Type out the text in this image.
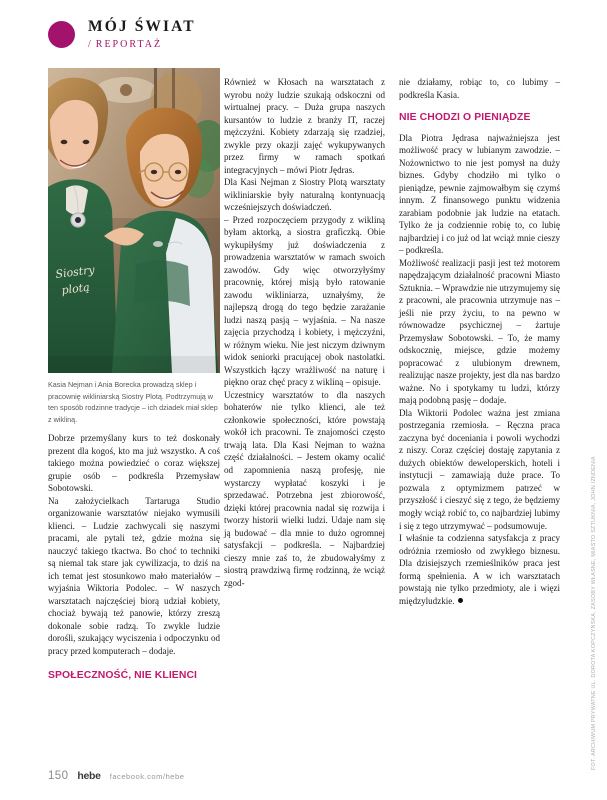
MÓJ ŚWIAT
/ REPORTAŻ
Siostry
plotą
Kasia Nejman i Ania Borecka prowadzą sklep i pracownię wikliniarską Siostry Plotą. Podtrzymują w ten sposób rodzinne tradycje – ich dziadek miał sklep z wikliną.

Dobrze przemyślany kurs to też doskonały prezent dla kogoś, kto ma już wszystko. A coś takiego można powiedzieć o coraz większej grupie osób – podkreśla Przemysław Sobotowski.

Na założycielkach Tartaruga Studio organizowanie warsztatów niejako wymusili klienci. – Ludzie zachwycali się naszymi pracami, ale pytali też, gdzie można się nauczyć takiego tkactwa. Bo choć to techniki są niemal tak stare jak cywilizacja, to dziś na ich temat jest stosunkowo mało materiałów – wyjaśnia Wiktoria Podolec. – W naszych warsztatach najczęściej biorą udział kobiety, chociaż bywają też panowie, którzy zreszą dokonale sobie radzą. To zwykle ludzie dorośli, szukający wyciszenia i odpoczynku od pracy przed komputerach – dodaje.

SPOŁECZNOŚĆ, NIE KLIENCI

Również w Kłosach na warsztatach z wyrobu noży ludzie szukają odskoczni od wirtualnej pracy. – Duża grupa naszych kursantów to ludzie z branży IT, raczej mężczyźni. Kobiety zdarzają się rzadziej, zwykle przy okazji zajęć wykupywanych przez firmy w ramach spotkań integracyjnych – mówi Piotr Jędras.

Dla Kasi Nejman z Siostry Plotą warsztaty wikliniarskie były naturalną kontynuacją wcześniejszych doświadczeń.

– Przed rozpoczęciem przygody z wikliną byłam aktorką, a siostra graficzką. Obie wykupiłyśmy już doświadczenia z prowadzenia warsztatów w ramach swoich zawodów. Gdy więc otworzyłyśmy pracownię, której misją było ratowanie zawodu wikliniarza, uznałyśmy, że najlepszą drogą do tego będzie zarażanie ludzi naszą pasją – wyjaśnia. – Na nasze zajęcia przychodzą i kobiety, i mężczyźni, w różnym wieku. Nie jest niczym dziwnym widok seniorki pracującej obok nastolatki. Wszystkich łączy wrażliwość na naturę i piękno oraz chęć pracy z wikliną – opisuje.

Uczestnicy warsztatów to dla naszych bohaterów nie tylko klienci, ale też członkowie społeczności, które powstają wokół ich pracowni. Te znajomości często trwają lata. Dla Kasi Nejman to ważna część działalności. – Jestem okamy ocalić od zapomnienia naszą profesję, nie wystarczy wypłatać koszyki i je sprzedawać. Potrzebna jest zbiorowość, dzięki której pracownia nadal się rozwija i tworzy historii wielki ludzi. Udaje nam się ją budować – dla mnie to dużo ogromnej satysfakcji – podkreśla. – Najbardziej cieszy mnie zaś to, że zbudowałyśmy z siostrą prawdziwą firmę rodzinną, że wciąż zgod-

nie działamy, robiąc to, co lubimy – podkreśla Kasia.

NIE CHODZI O PIENIĄDZE

Dla Piotra Jędrasa najważniejsza jest możliwość pracy w lubianym zawodzie. – Nożownictwo to nie jest pomysł na duży biznes. Gdyby chodziło mi tylko o pieniądze, pewnie zajmowałbym się czymś innym. Z finansowego punktu widzenia zarabiam podobnie jak ludzie na etatach. Tylko że ja codziennie robię to, co lubię najbardziej i co już od lat wciąż mnie cieszy – podkreśla.

Możliwość realizacji pasji jest też motorem napędzającym działalność pracowni Miasto Sztuknia. – Wprawdzie nie utrzymujemy się z pracowni, ale pracownia utrzymuje nas – jeśli nie przy życiu, to na pewno w równowadze psychicznej – żartuje Przemysław Sobotowski. – To, że mamy odskocznię, miejsce, gdzie możemy popracować z ulubionym drewnem, realizując nasze projekty, jest dla nas bardzo ważne. No i spotykamy tu ludzi, którzy mają podobną pasję – dodaje.

Dla Wiktorii Podolec ważna jest zmiana postrzegania rzemiosła. – Ręczna praca zaczyna być doceniania i powoli wychodzi z niszy. Coraz częściej dostaję zapytania z dużych obiektów deweloperskich, hoteli i instytucji – zamawiają duże prace. To pozwala z optymizmem patrzeć w przyszłość i cieszyć się z tego, że będziemy mogły wciąż robić to, co najbardziej lubimy i się z tego utrzymywać – podsumowuje.

I właśnie ta codzienna satysfakcja z pracy odróżnia rzemiosło od zwykłego biznesu. Dla dzisiejszych rzemieślników praca jest formą spełnienia. A w ich warsztatach powstają nie tylko przedmioty, ale i więzi międzyludzkie.

150 hebe facebook.com/hebe
FOT. ARCHIWUM PRYWATNE UL. DOROTA KOPCZYŃSKA, ZASOBY WŁASNE, MIASTO SZTUKNIA, JOHN IZNDENIA
